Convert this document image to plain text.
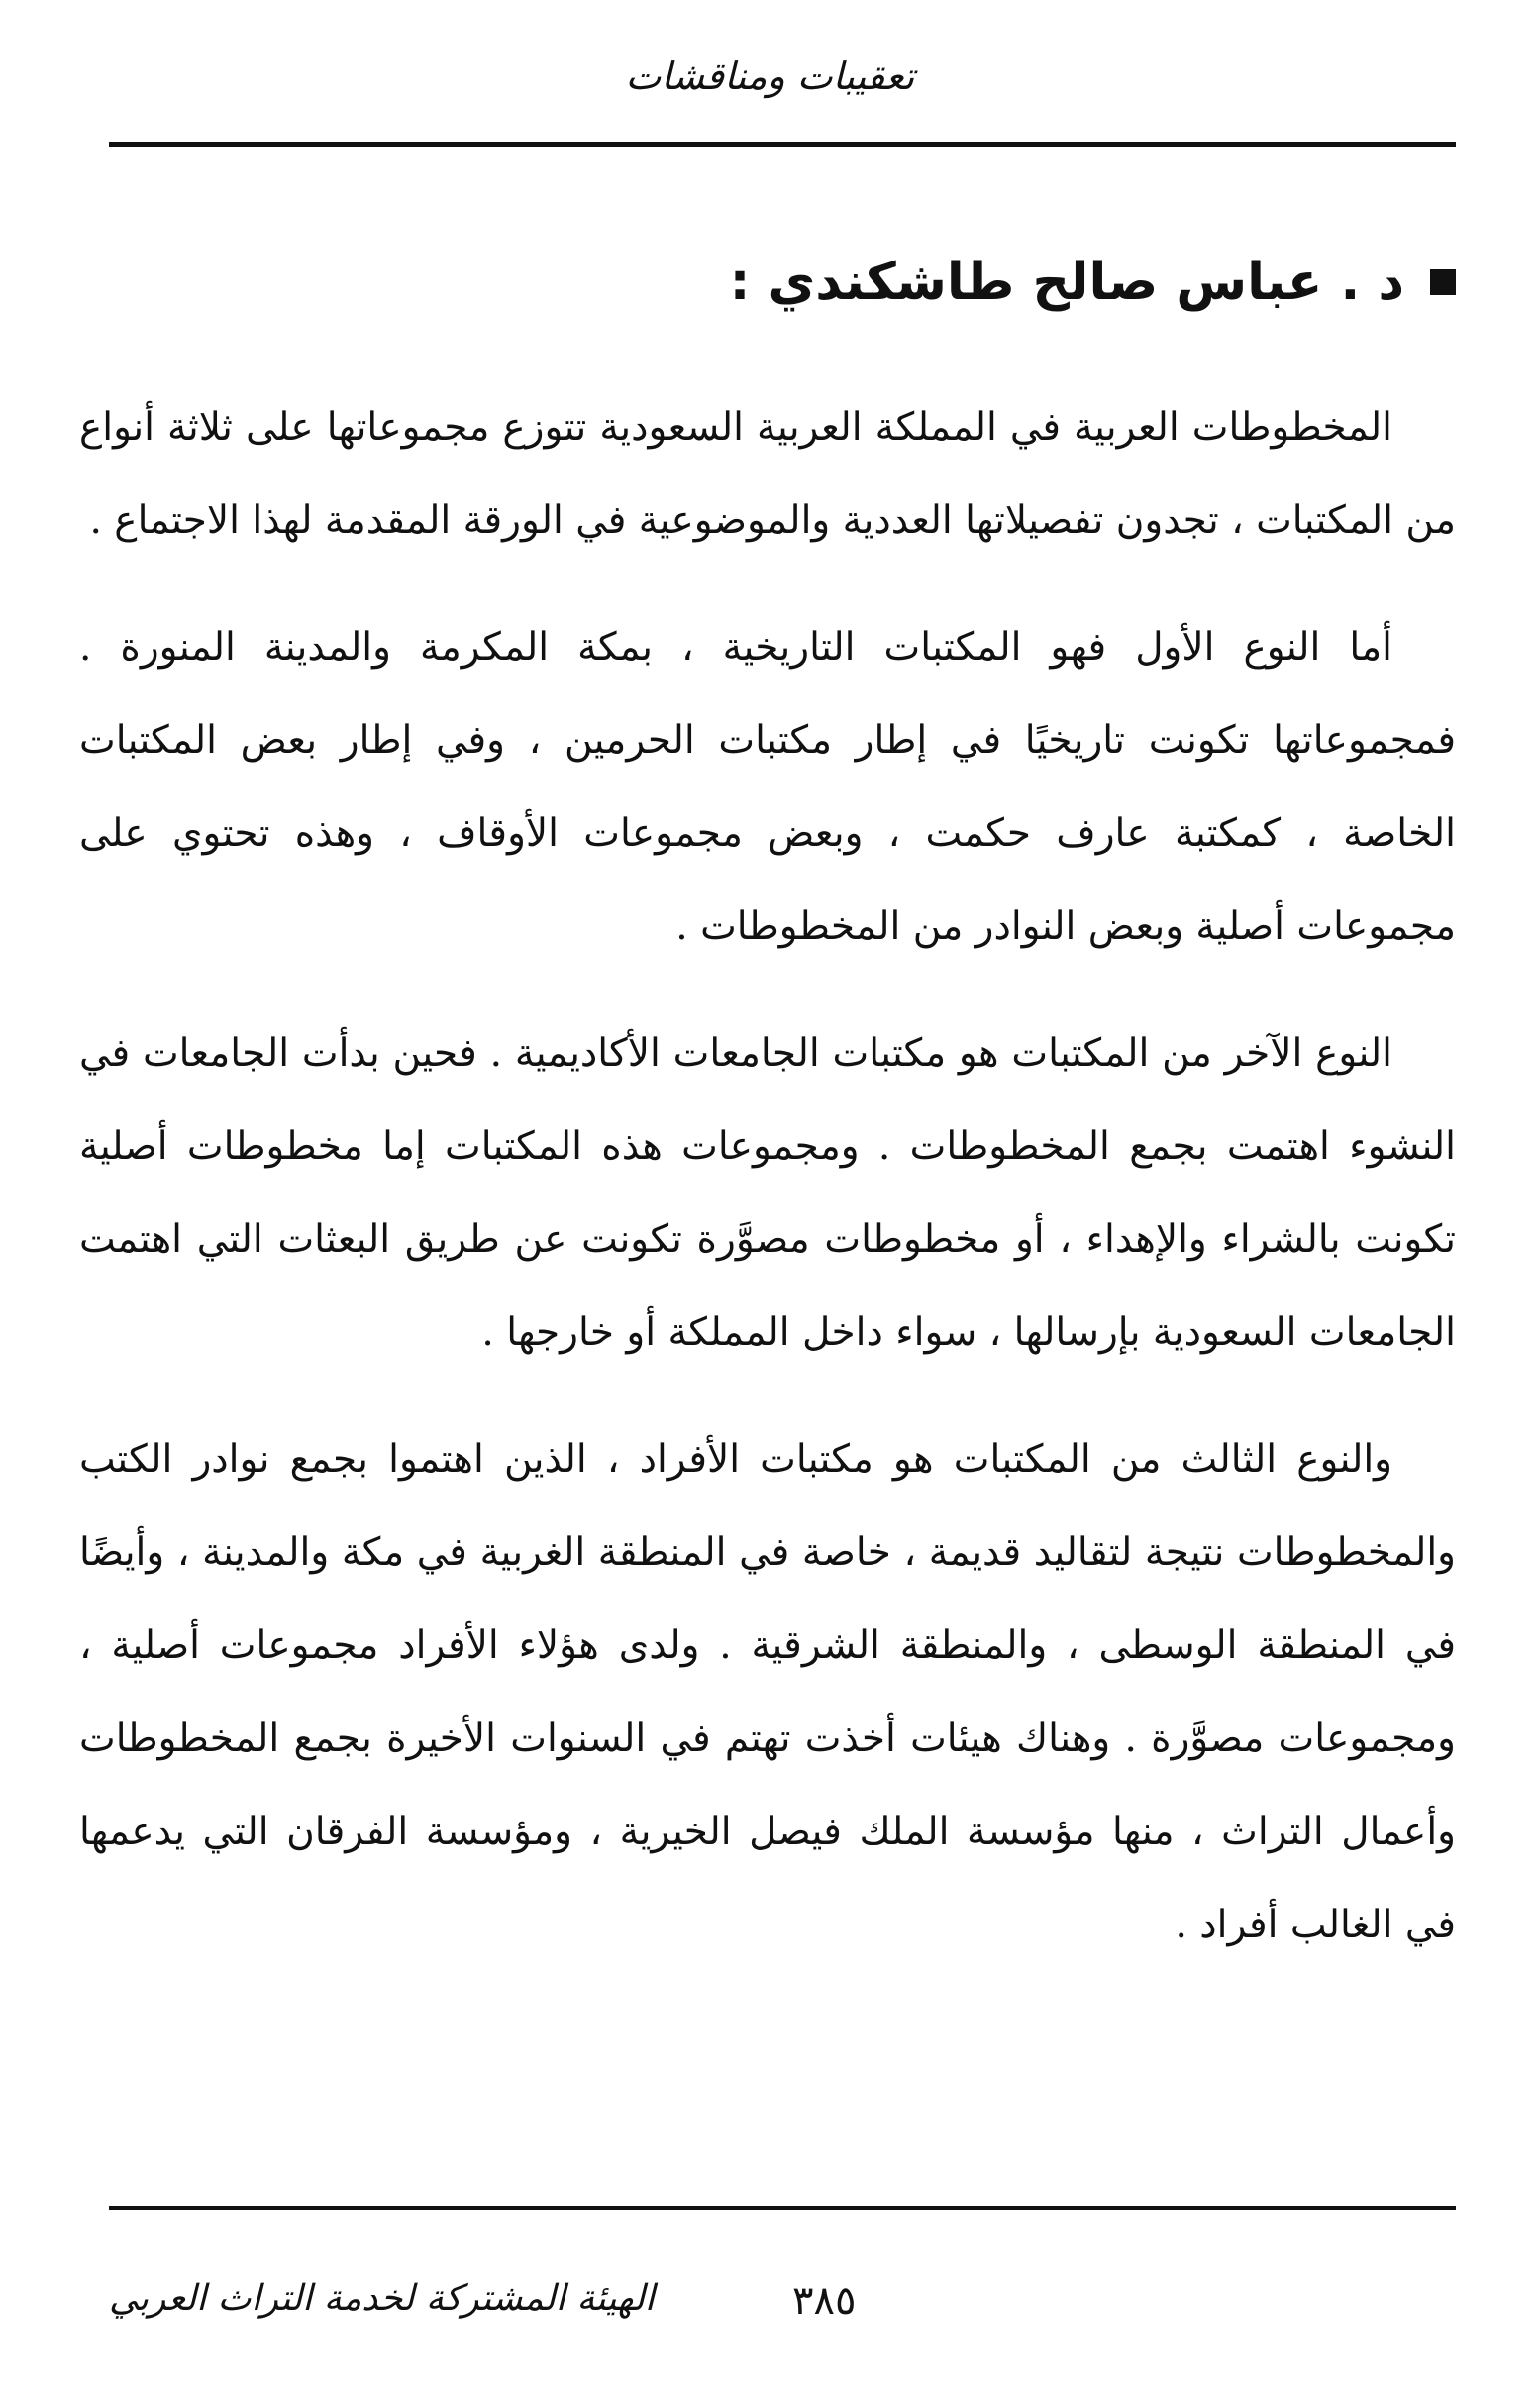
تعقيبات ومناقشات
د . عباس صالح طاشكندي :

المخطوطات العربية في المملكة العربية السعودية تتوزع مجموعاتها على ثلاثة أنواع من المكتبات ، تجدون تفصيلاتها العددية والموضوعية في الورقة المقدمة لهذا الاجتماع .

أما النوع الأول فهو المكتبات التاريخية ، بمكة المكرمة والمدينة المنورة . فمجموعاتها تكونت تاريخيًا في إطار مكتبات الحرمين ، وفي إطار بعض المكتبات الخاصة ، كمكتبة عارف حكمت ، وبعض مجموعات الأوقاف ، وهذه تحتوي على مجموعات أصلية وبعض النوادر من المخطوطات .

النوع الآخر من المكتبات هو مكتبات الجامعات الأكاديمية . فحين بدأت الجامعات في النشوء اهتمت بجمع المخطوطات . ومجموعات هذه المكتبات إما مخطوطات أصلية تكونت بالشراء والإهداء ، أو مخطوطات مصوَّرة تكونت عن طريق البعثات التي اهتمت الجامعات السعودية بإرسالها ، سواء داخل المملكة أو خارجها .

والنوع الثالث من المكتبات هو مكتبات الأفراد ، الذين اهتموا بجمع نوادر الكتب والمخطوطات نتيجة لتقاليد قديمة ، خاصة في المنطقة الغربية في مكة والمدينة ، وأيضًا في المنطقة الوسطى ، والمنطقة الشرقية . ولدى هؤلاء الأفراد مجموعات أصلية ، ومجموعات مصوَّرة . وهناك هيئات أخذت تهتم في السنوات الأخيرة بجمع المخطوطات وأعمال التراث ، منها مؤسسة الملك فيصل الخيرية ، ومؤسسة الفرقان التي يدعمها في الغالب أفراد .

٣٨٥
الهيئة المشتركة لخدمة التراث العربي
